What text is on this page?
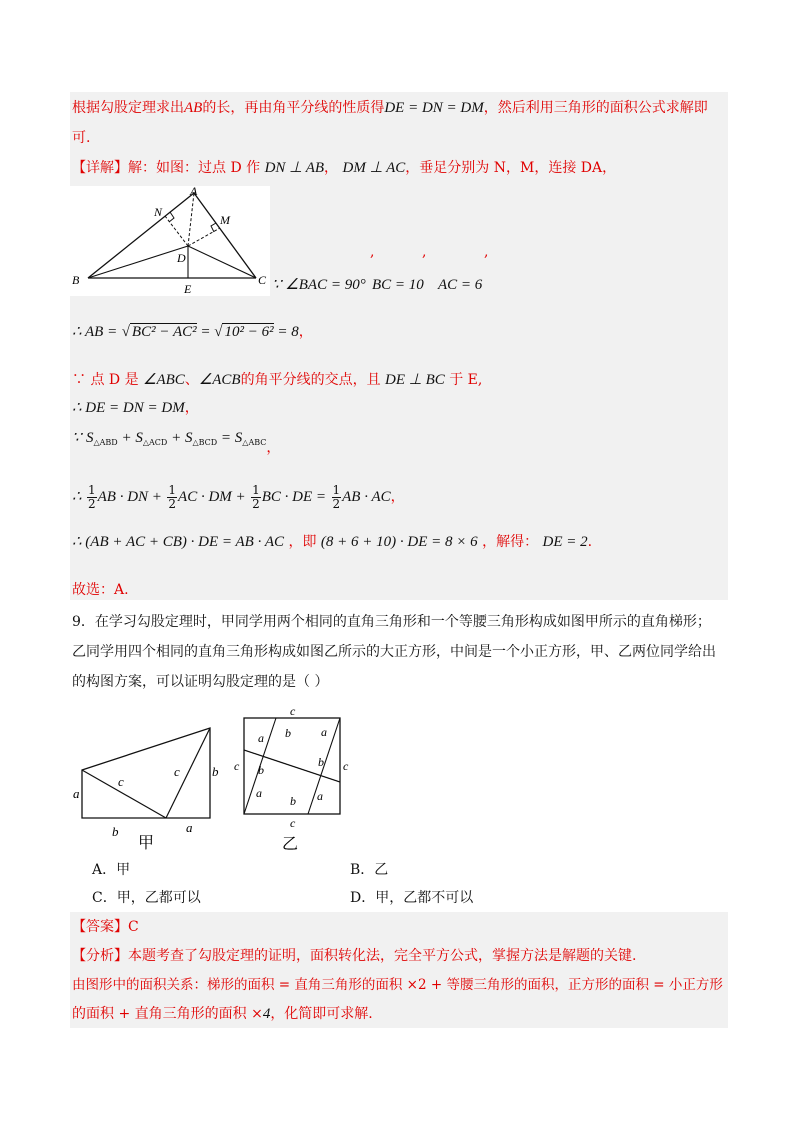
根据勾股定理求出AB的长，再由角平分线的性质得DE = DN = DM，然后利用三角形的面积公式求解即
可.
【详解】解：如图：过点 D 作 DN ⊥ AB， DM ⊥ AC，垂足分别为 N，M，连接 DA，
A
N
M
D
B	C
E
,	,	,
∵ ∠BAC = 90° BC = 10 AC = 6
∴ AB = √ BC² − AC² = √ 10² − 6² = 8，
∵ 点 D 是 ∠ABC、∠ACB的角平分线的交点，且 DE ⊥ BC 于 E,
∴ DE = DN = DM，
∵ $S_{\triangle ABD} + S_{\triangle ACD} + S_{\triangle BCD} = S_{\triangle ABC}$，
∴ $\frac{1}{2}$ AB · DN + $\frac{1}{2}$ AC · DM + $\frac{1}{2}$ BC · DE = $\frac{1}{2}$ AB · AC，
∴ (AB + AC + CB) · DE = AB · AC ，即 (8 + 6 + 10) · DE = 8 × 6 ，解得： DE = 2.
故选：A.
9．在学习勾股定理时，甲同学用两个相同的直角三角形和一个等腰三角形构成如图甲所示的直角梯形；
乙同学用四个相同的直角三角形构成如图乙所示的大正方形，中间是一个小正方形，甲、乙两位同学给出
的构图方案，可以证明勾股定理的是（ ）
a
b	a
c
c b
甲
c
c
c	c
a b	a
b
b
a
b a
乙
A．甲	B．乙
C．甲，乙都可以	D．甲，乙都不可以
【答案】C
【分析】本题考查了勾股定理的证明，面积转化法，完全平方公式，掌握方法是解题的关键.
由图形中的面积关系：梯形的面积 = 直角三角形的面积 ×2 + 等腰三角形的面积，正方形的面积 = 小正方形
的面积 + 直角三角形的面积 ×4，化简即可求解.
